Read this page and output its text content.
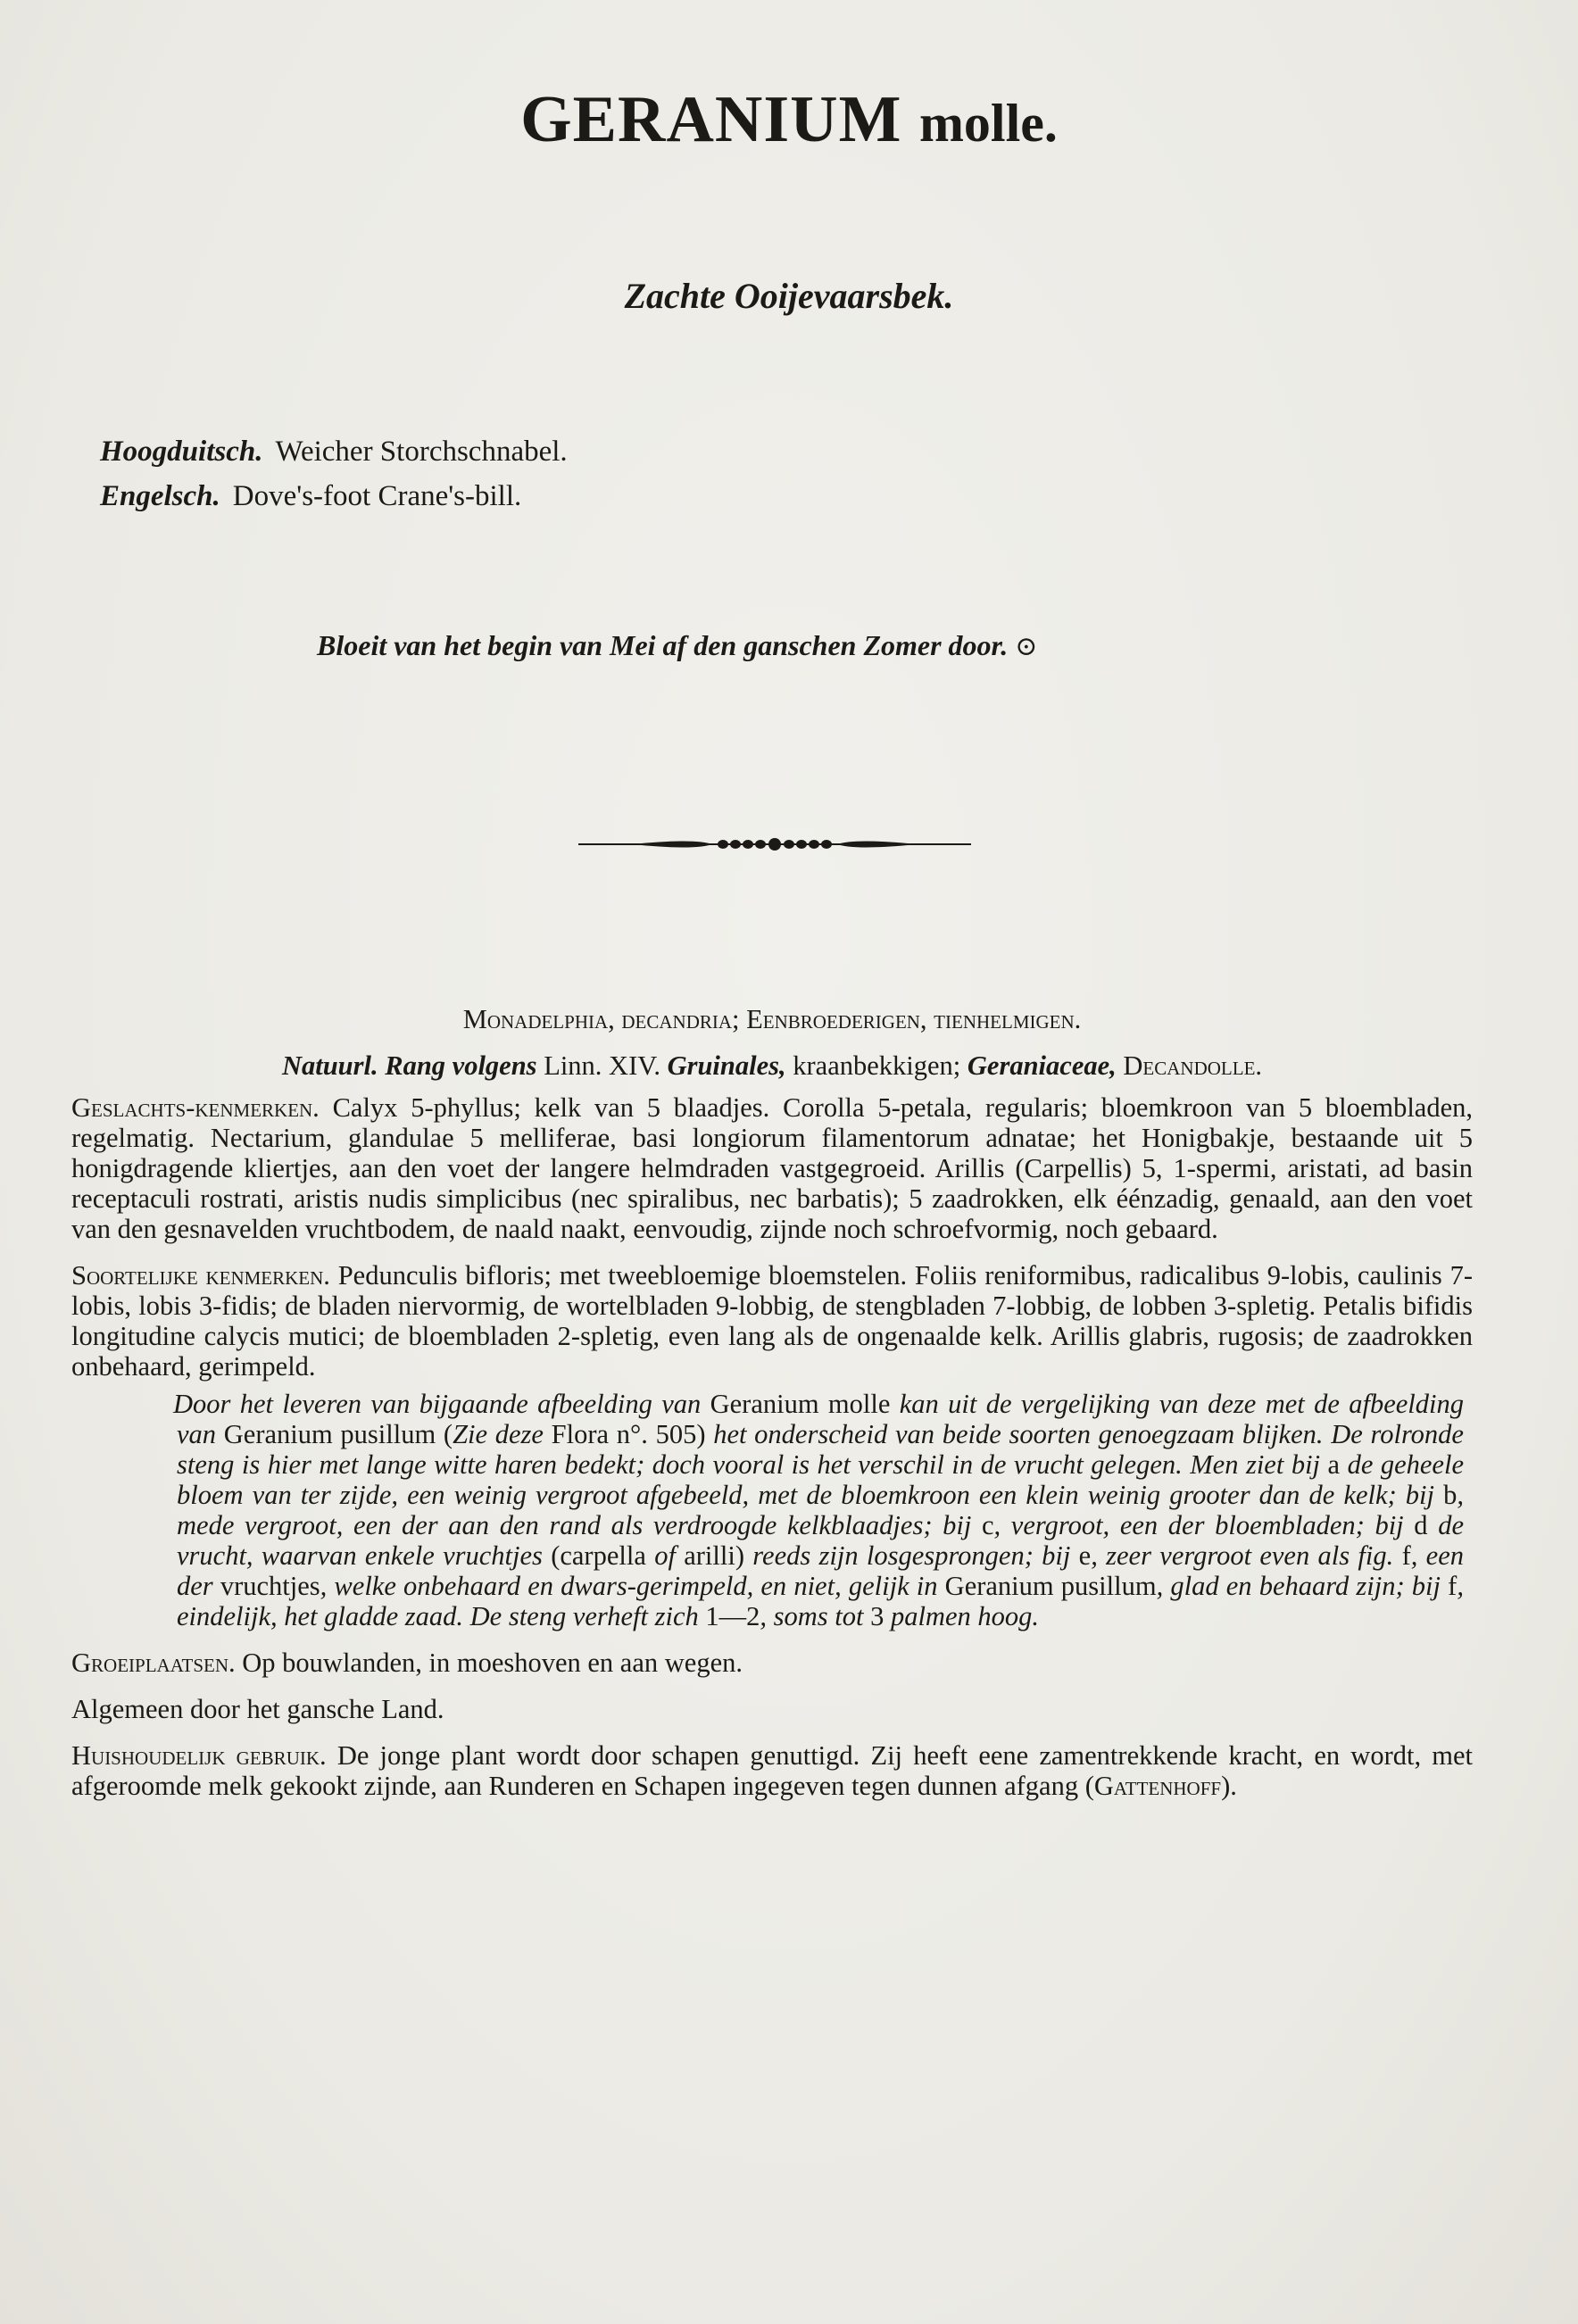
GERANIUM molle.
Zachte Ooijevaarsbek.
Hoogduitsch. Weicher Storchschnabel.
Engelsch. Dove's-foot Crane's-bill.
Bloeit van het begin van Mei af den ganschen Zomer door. ⊙

Monadelphia, decandria; Eenbroederigen, tienhelmigen.

Natuurl. Rang volgens Linn. XIV. Gruinales, kraanbekkigen; Geraniaceae, Decandolle.

Geslachts-kenmerken. Calyx 5-phyllus; kelk van 5 blaadjes. Corolla 5-petala, regularis; bloemkroon van 5 bloembladen, regelmatig. Nectarium, glandulae 5 melliferae, basi longiorum filamentorum adnatae; het Honigbakje, bestaande uit 5 honigdragende kliertjes, aan den voet der langere helmdraden vastgegroeid. Arillis (Carpellis) 5, 1-spermi, aristati, ad basin receptaculi rostrati, aristis nudis simplicibus (nec spiralibus, nec barbatis); 5 zaadrokken, elk éénzadig, genaald, aan den voet van den gesnavelden vruchtbodem, de naald naakt, eenvoudig, zijnde noch schroefvormig, noch gebaard.

Soortelijke kenmerken. Pedunculis bifloris; met tweebloemige bloemstelen. Foliis reniformibus, radicalibus 9-lobis, caulinis 7-lobis, lobis 3-fidis; de bladen niervormig, de wortelbladen 9-lobbig, de stengbladen 7-lobbig, de lobben 3-spletig. Petalis bifidis longitudine calycis mutici; de bloembladen 2-spletig, even lang als de ongenaalde kelk. Arillis glabris, rugosis; de zaadrokken onbehaard, gerimpeld.

Door het leveren van bijgaande afbeelding van Geranium molle kan uit de vergelijking van deze met de afbeelding van Geranium pusillum (Zie deze Flora n°. 505) het onderscheid van beide soorten genoegzaam blijken. De rolronde steng is hier met lange witte haren bedekt; doch vooral is het verschil in de vrucht gelegen. Men ziet bij a de geheele bloem van ter zijde, een weinig vergroot afgebeeld, met de bloemkroon een klein weinig grooter dan de kelk; bij b, mede vergroot, een der aan den rand als verdroogde kelkblaadjes; bij c, vergroot, een der bloembladen; bij d de vrucht, waarvan enkele vruchtjes (carpella of arilli) reeds zijn losgesprongen; bij e, zeer vergroot even als fig. f, een der vruchtjes, welke onbehaard en dwars-gerimpeld, en niet, gelijk in Geranium pusillum, glad en behaard zijn; bij f, eindelijk, het gladde zaad. De steng verheft zich 1—2, soms tot 3 palmen hoog.

Groeiplaatsen. Op bouwlanden, in moeshoven en aan wegen.

Algemeen door het gansche Land.

Huishoudelijk gebruik. De jonge plant wordt door schapen genuttigd. Zij heeft eene zamentrekkende kracht, en wordt, met afgeroomde melk gekookt zijnde, aan Runderen en Schapen ingegeven tegen dunnen afgang (Gattenhoff).
